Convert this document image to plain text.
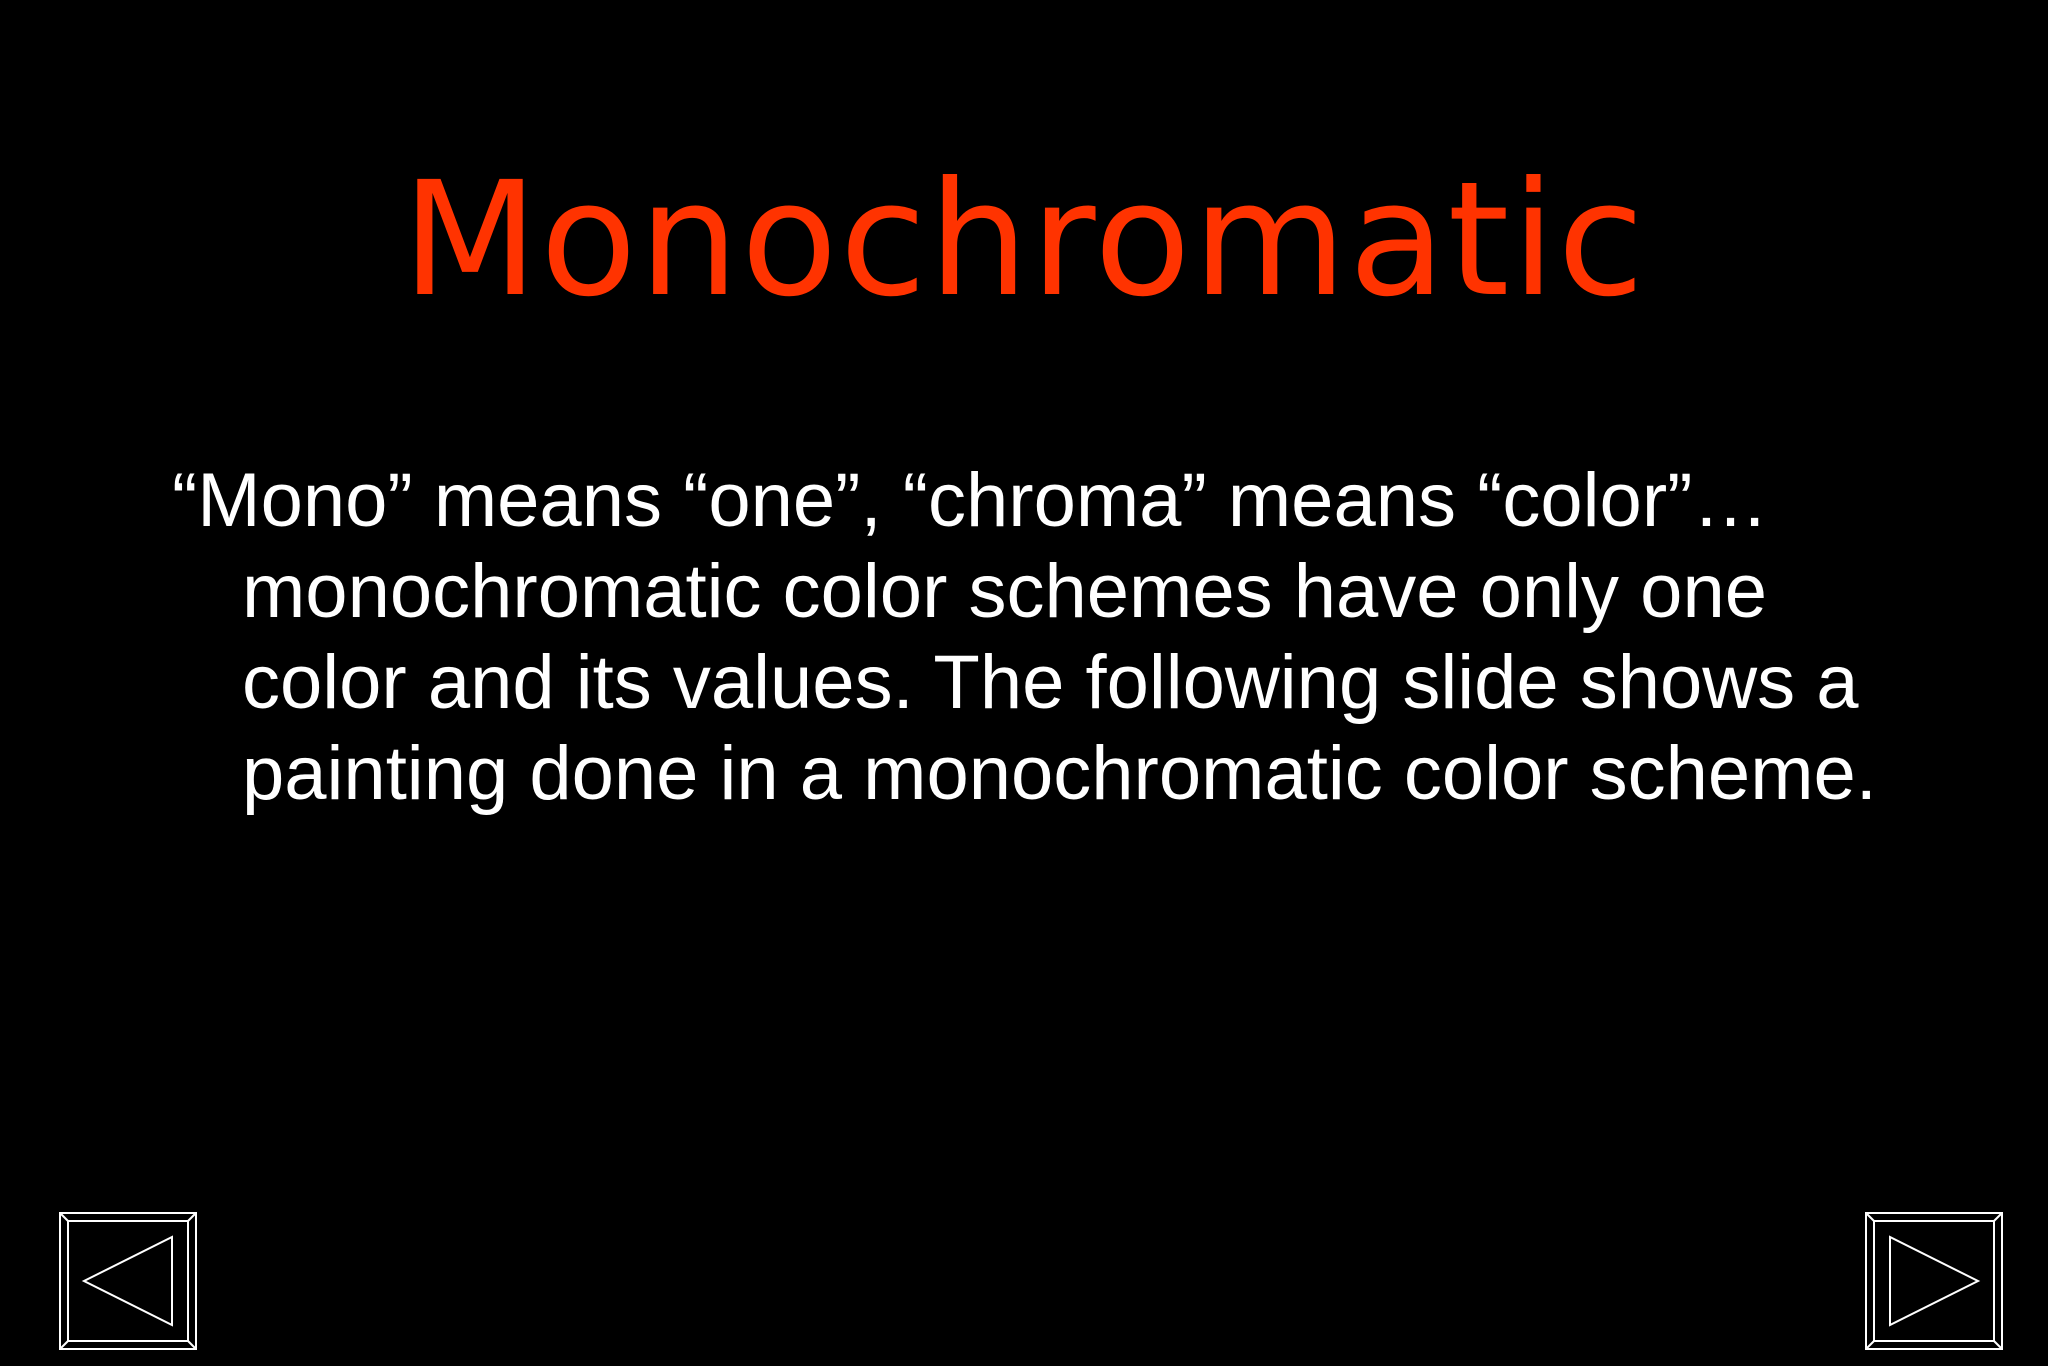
Monochromatic
“Mono” means “one”, “chroma” means “color”… monochromatic color schemes have only one color and its values. The following slide shows a painting done in a monochromatic color scheme.
